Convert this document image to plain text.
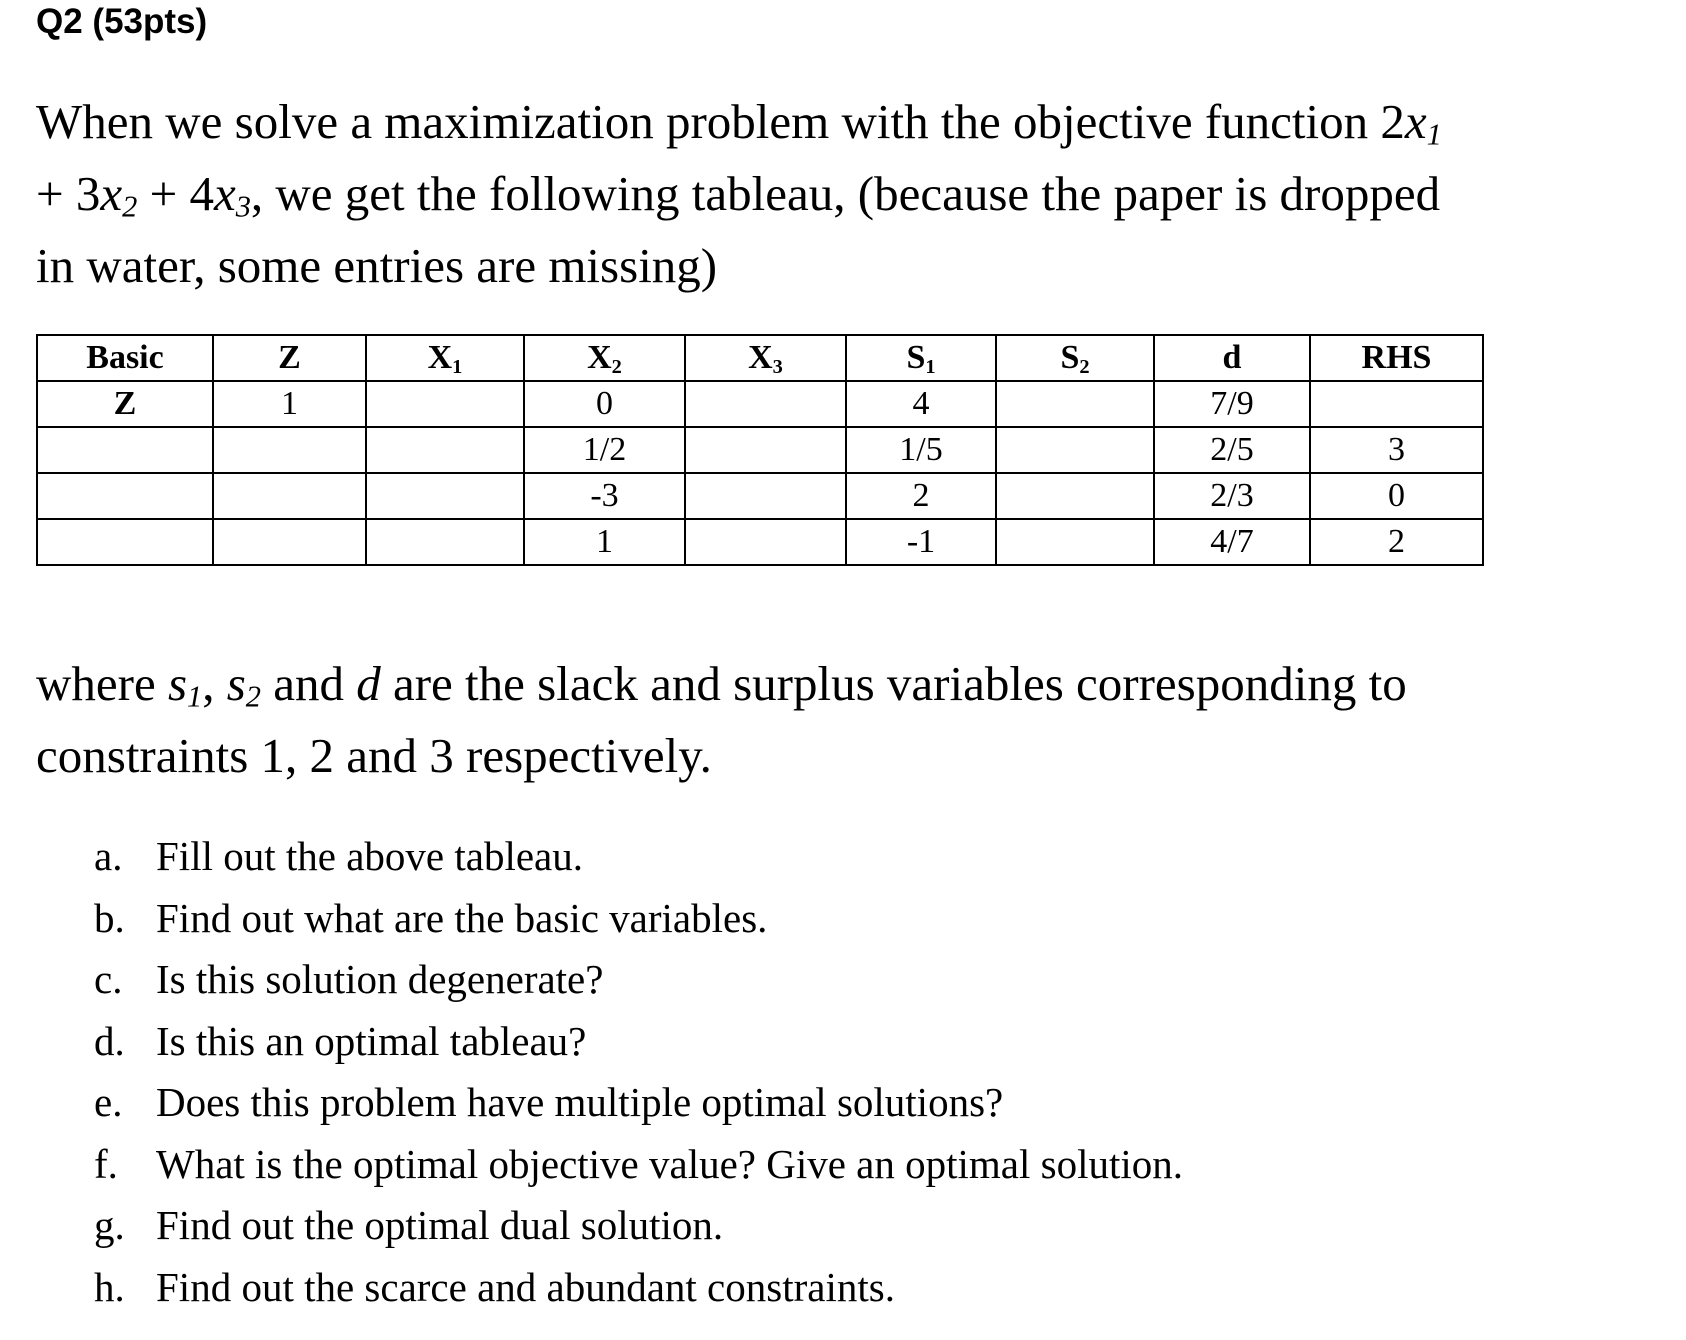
Q2 (53pts)
When we solve a maximization problem with the objective function $2x_1$
+ $3x_2 + 4x_3$, we get the following tableau, (because the paper is dropped
in water, some entries are missing)
Basic	Z	$X_1$	$X_2$	$X_3$	$S_1$	$S_2$	d	RHS
Z	1		0		4		7/9	
			1/2		1/5		2/5	3
			-3		2		2/3	0
			1		-1		4/7	2
where $s_1$, $s_2$ and d are the slack and surplus variables corresponding to
constraints 1, 2 and 3 respectively.
a. Fill out the above tableau.
b. Find out what are the basic variables.
c. Is this solution degenerate?
d. Is this an optimal tableau?
e. Does this problem have multiple optimal solutions?
f. What is the optimal objective value? Give an optimal solution.
g. Find out the optimal dual solution.
h. Find out the scarce and abundant constraints.
